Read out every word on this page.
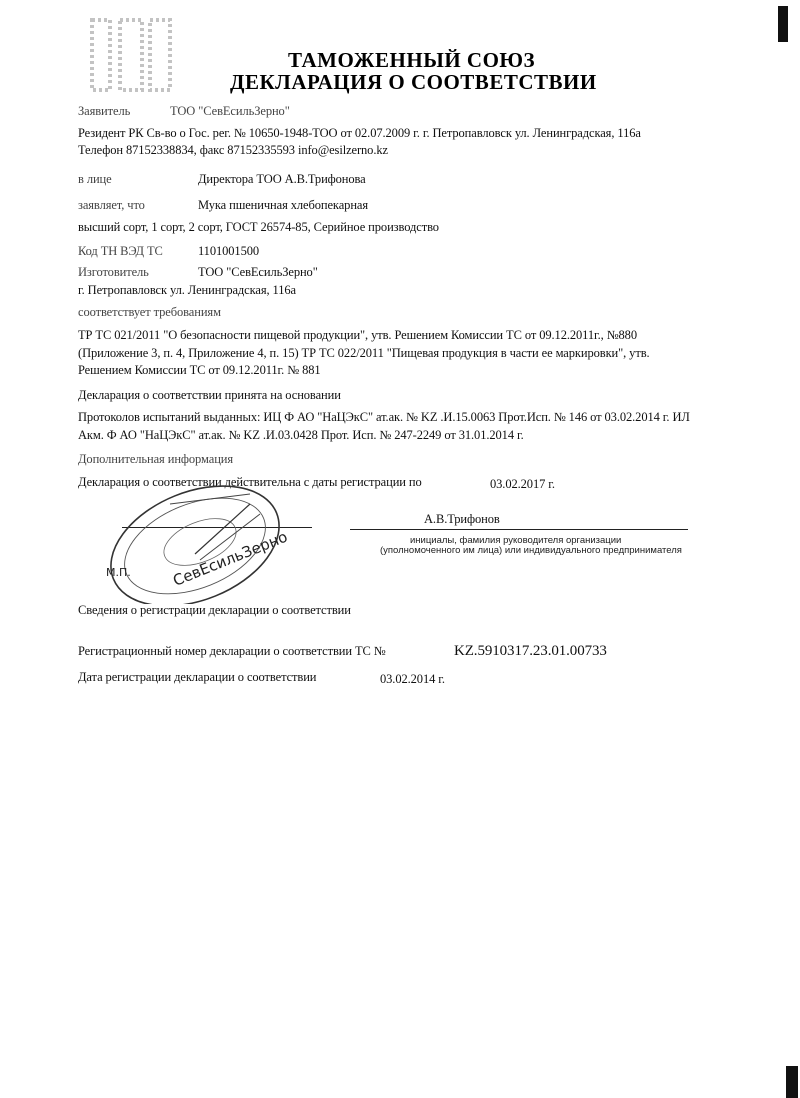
ТАМОЖЕННЫЙ СОЮЗ
ДЕКЛАРАЦИЯ О СООТВЕТСТВИИ
Заявитель	ТОО "СевЕсильЗерно"
Резидент РК Св-во о Гос. рег. № 10650-1948-ТОО от 02.07.2009 г. г. Петропавловск ул. Ленинградская, 116а
Телефон 87152338834, факс 87152335593 info@esilzerno.kz
в лице	Директора ТОО А.В.Трифонова
заявляет, что	Мука пшеничная хлебопекарная
высший сорт, 1 сорт, 2 сорт, ГОСТ 26574-85, Серийное производство
Код ТН ВЭД ТС	1101001500
Изготовитель	ТОО "СевЕсильЗерно"
г. Петропавловск ул. Ленинградская, 116а
соответствует требованиям
ТР ТС 021/2011 "О безопасности пищевой продукции", утв. Решением Комиссии ТС от 09.12.2011г., №880
(Приложение 3, п. 4, Приложение 4, п. 15) ТР ТС 022/2011 "Пищевая продукция в части ее маркировки", утв.
Решением Комиссии ТС от 09.12.2011г. № 881
Декларация о соответствии принята на основании
Протоколов испытаний выданных: ИЦ Ф АО "НаЦЭкС" ат.ак. № KZ .И.15.0063 Прот.Исп. № 146 от 03.02.2014 г. ИЛ
Акм. Ф АО "НаЦЭкС" ат.ак. № KZ .И.03.0428 Прот. Исп. № 247-2249 от 31.01.2014 г.
Дополнительная информация
Декларация о соответствии действительна с даты регистрации по	03.02.2017 г.
А.В.Трифонов
инициалы, фамилия руководителя организации
(уполномоченного им лица) или индивидуального предпринимателя
СевЕсильЗерно
М.П.
Сведения о регистрации декларации о соответствии
Регистрационный номер декларации о соответствии ТС №	KZ.5910317.23.01.00733
Дата регистрации декларации о соответствии	03.02.2014 г.
